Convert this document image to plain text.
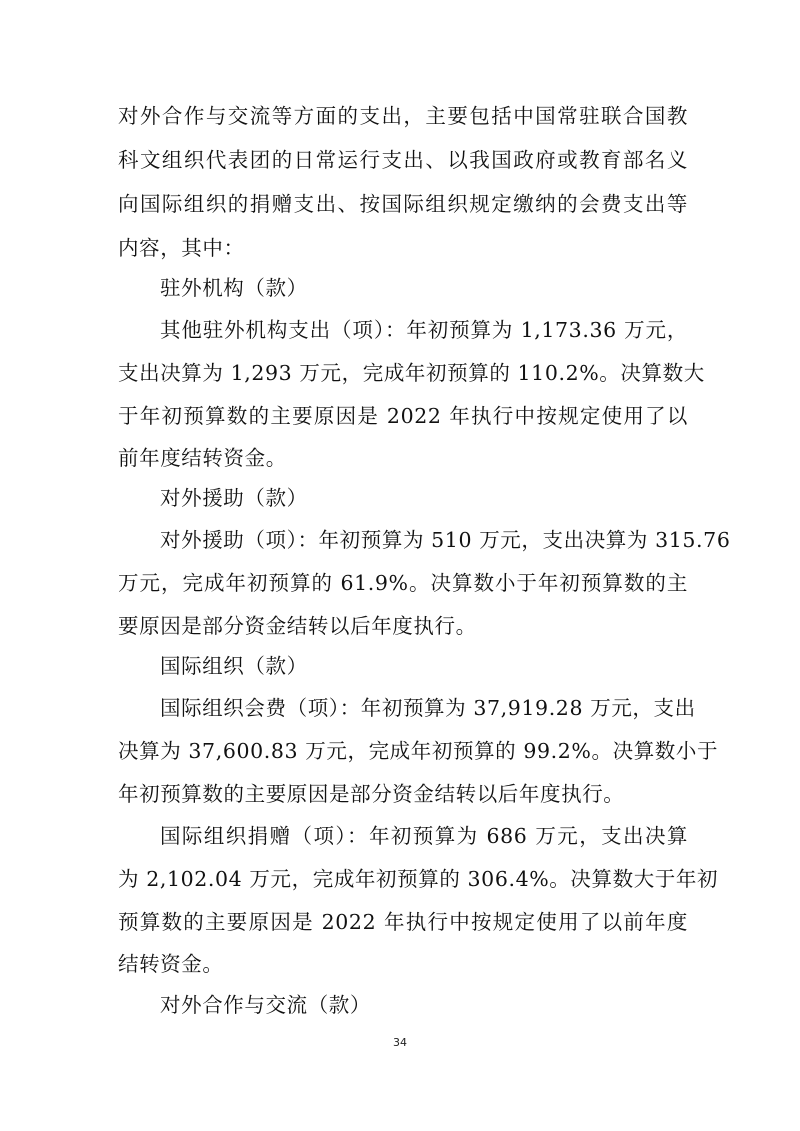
对外合作与交流等方面的支出，主要包括中国常驻联合国教
科文组织代表团的日常运行支出、以我国政府或教育部名义
向国际组织的捐赠支出、按国际组织规定缴纳的会费支出等
内容，其中：
驻外机构（款）
其他驻外机构支出（项）：年初预算为 1,173.36 万元，
支出决算为 1,293 万元，完成年初预算的 110.2%。决算数大
于年初预算数的主要原因是 2022 年执行中按规定使用了以
前年度结转资金。
对外援助（款）
对外援助（项）：年初预算为 510 万元，支出决算为 315.76
万元，完成年初预算的 61.9%。决算数小于年初预算数的主
要原因是部分资金结转以后年度执行。
国际组织（款）
国际组织会费（项）：年初预算为 37,919.28 万元，支出
决算为 37,600.83 万元，完成年初预算的 99.2%。决算数小于
年初预算数的主要原因是部分资金结转以后年度执行。
国际组织捐赠（项）：年初预算为 686 万元，支出决算
为 2,102.04 万元，完成年初预算的 306.4%。决算数大于年初
预算数的主要原因是 2022 年执行中按规定使用了以前年度
结转资金。
对外合作与交流（款）
34
